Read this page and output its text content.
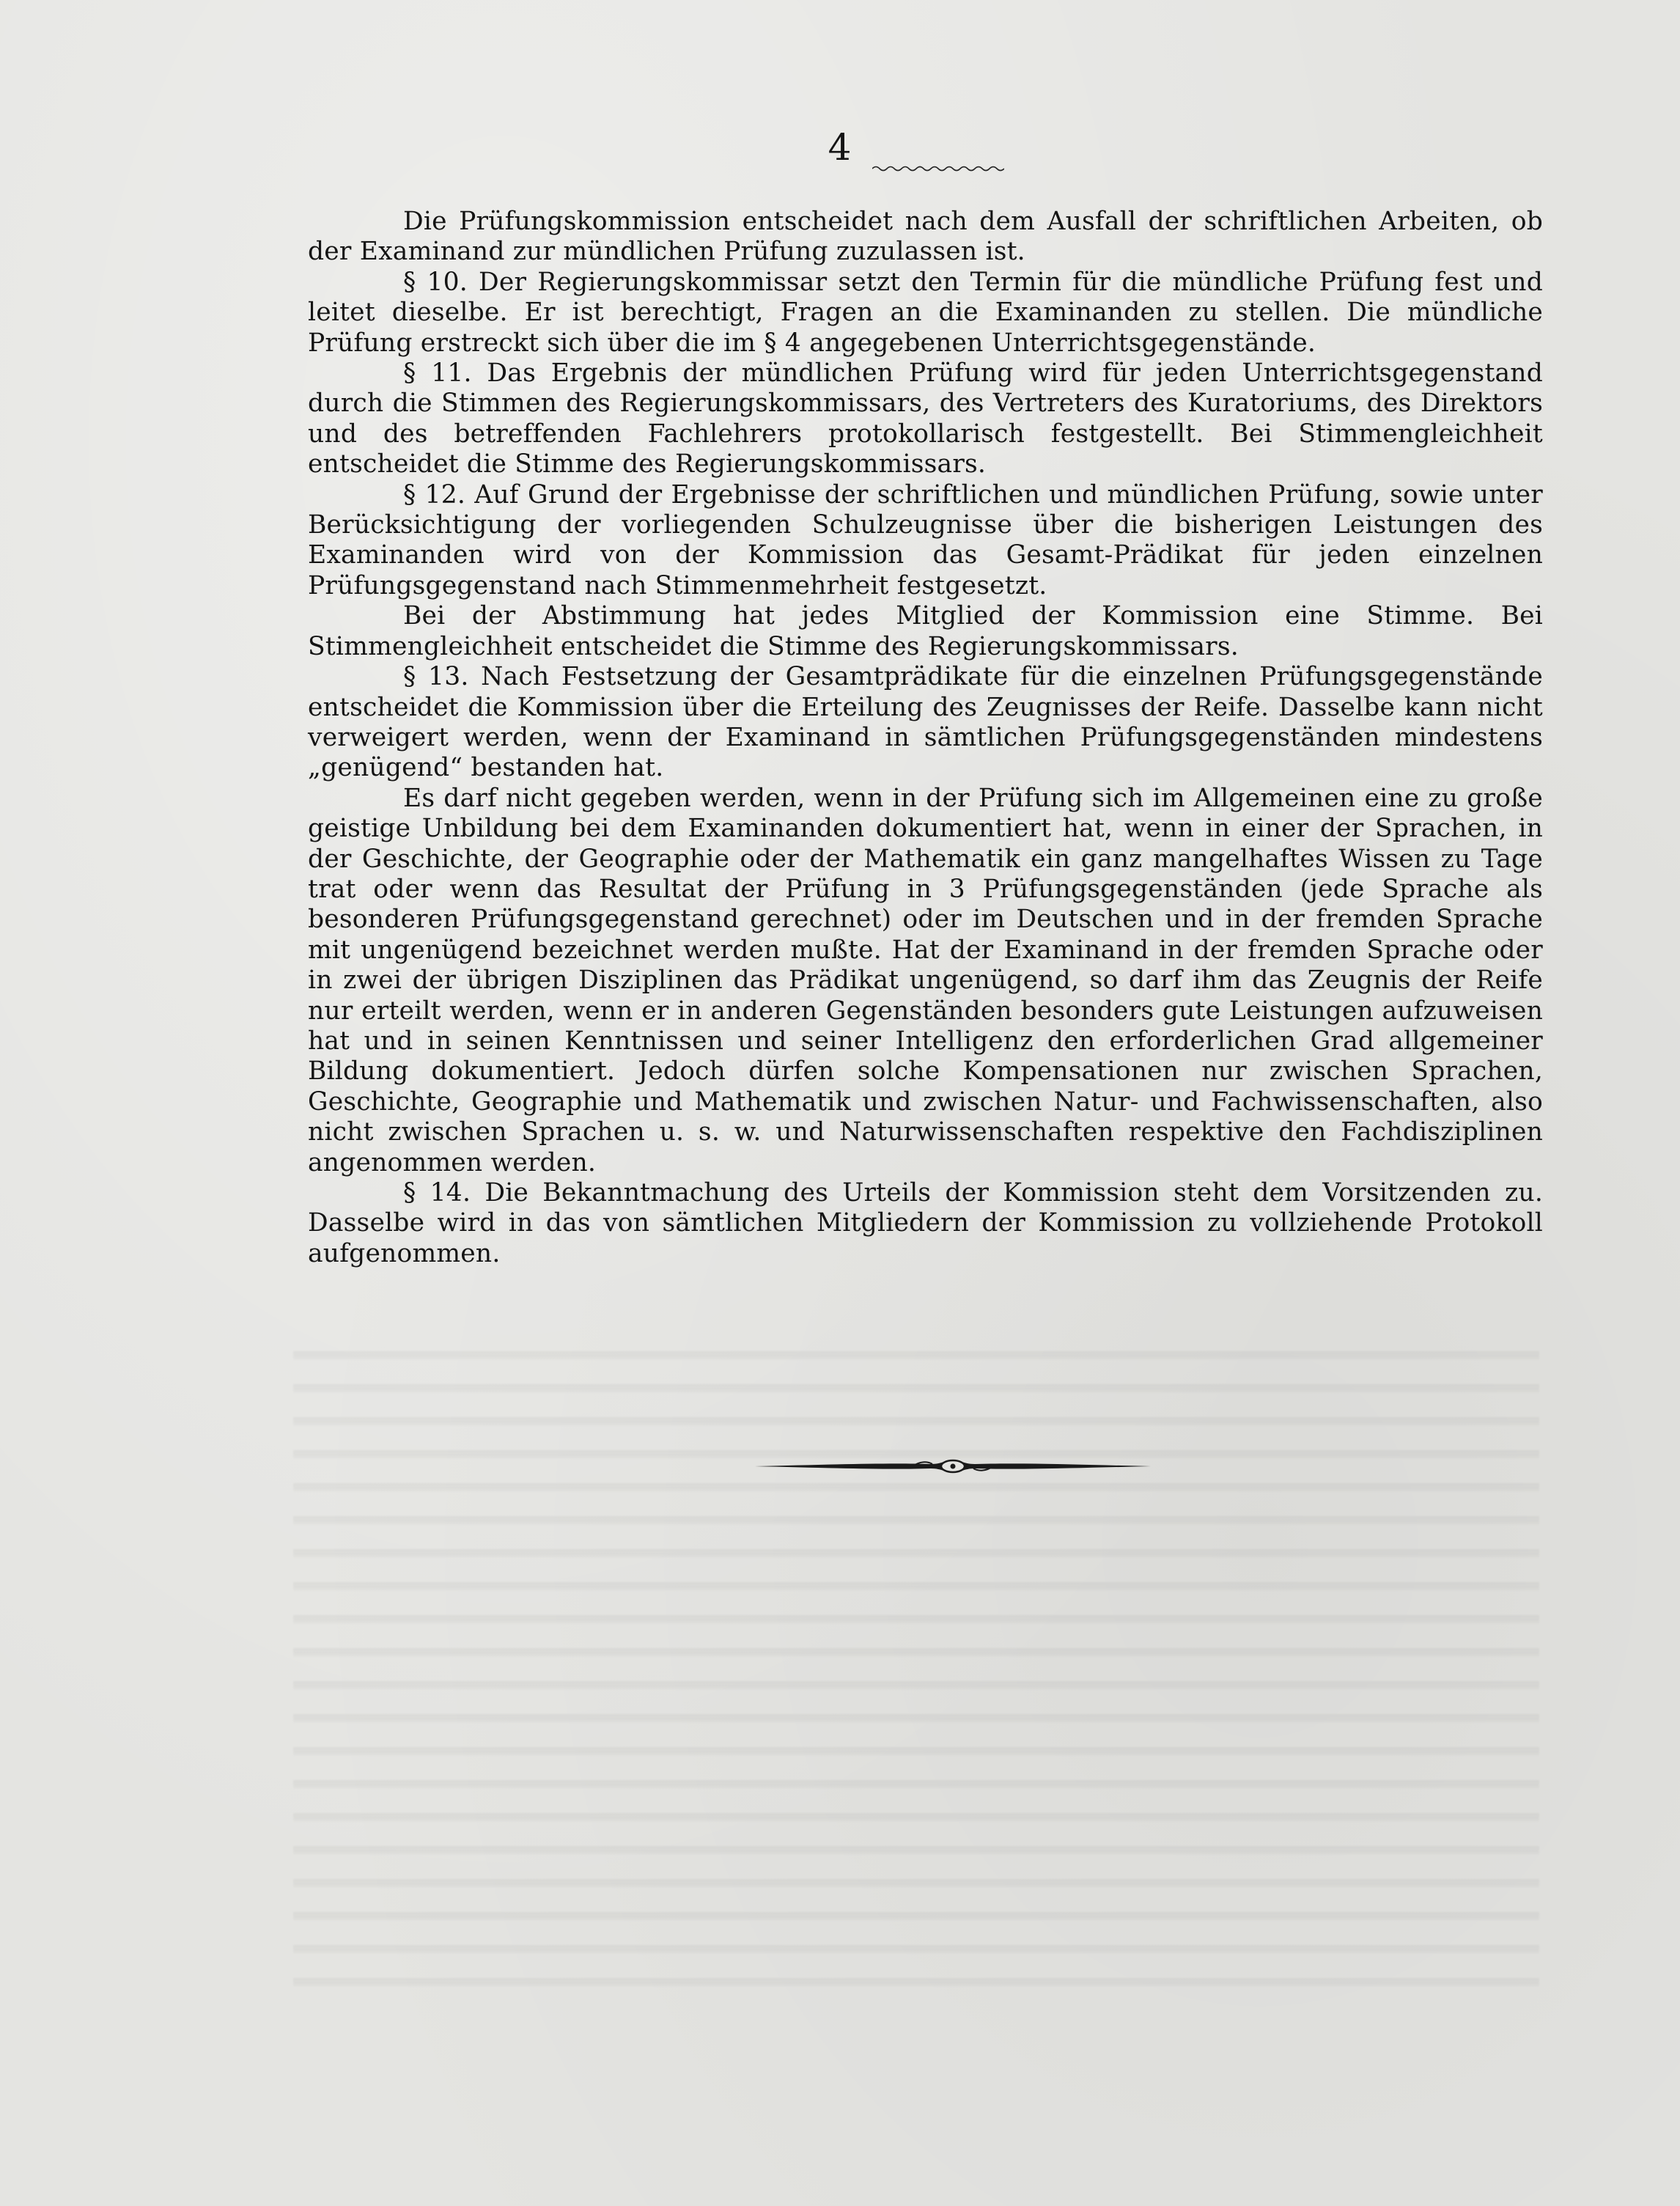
4

Die Prüfungskommission entscheidet nach dem Ausfall der schriftlichen Arbeiten, ob der Examinand zur mündlichen Prüfung zuzulassen ist.

§ 10. Der Regierungskommissar setzt den Termin für die mündliche Prüfung fest und leitet dieselbe. Er ist berechtigt, Fragen an die Examinanden zu stellen. Die mündliche Prüfung erstreckt sich über die im § 4 angegebenen Unterrichtsgegenstände.

§ 11. Das Ergebnis der mündlichen Prüfung wird für jeden Unterrichtsgegenstand durch die Stimmen des Regierungskommissars, des Vertreters des Kuratoriums, des Direktors und des betreffenden Fachlehrers protokollarisch festgestellt. Bei Stimmengleichheit entscheidet die Stimme des Regierungskommissars.

§ 12. Auf Grund der Ergebnisse der schriftlichen und mündlichen Prüfung, sowie unter Berücksichtigung der vorliegenden Schulzeugnisse über die bisherigen Leistungen des Examinanden wird von der Kommission das Gesamt-Prädikat für jeden einzelnen Prüfungsgegenstand nach Stimmenmehrheit festgesetzt.

Bei der Abstimmung hat jedes Mitglied der Kommission eine Stimme. Bei Stimmengleichheit entscheidet die Stimme des Regierungskommissars.

§ 13. Nach Festsetzung der Gesamtprädikate für die einzelnen Prüfungsgegenstände entscheidet die Kommission über die Erteilung des Zeugnisses der Reife. Dasselbe kann nicht verweigert werden, wenn der Examinand in sämtlichen Prüfungsgegenständen mindestens „genügend“ bestanden hat.

Es darf nicht gegeben werden, wenn in der Prüfung sich im Allgemeinen eine zu große geistige Unbildung bei dem Examinanden dokumentiert hat, wenn in einer der Sprachen, in der Geschichte, der Geographie oder der Mathematik ein ganz mangelhaftes Wissen zu Tage trat oder wenn das Resultat der Prüfung in 3 Prüfungsgegenständen (jede Sprache als besonderen Prüfungsgegenstand gerechnet) oder im Deutschen und in der fremden Sprache mit ungenügend bezeichnet werden mußte. Hat der Examinand in der fremden Sprache oder in zwei der übrigen Disziplinen das Prädikat ungenügend, so darf ihm das Zeugnis der Reife nur erteilt werden, wenn er in anderen Gegenständen besonders gute Leistungen aufzuweisen hat und in seinen Kenntnissen und seiner Intelligenz den erforderlichen Grad allgemeiner Bildung dokumentiert. Jedoch dürfen solche Kompensationen nur zwischen Sprachen, Geschichte, Geographie und Mathematik und zwischen Natur- und Fachwissenschaften, also nicht zwischen Sprachen u. s. w. und Naturwissenschaften respektive den Fachdisziplinen angenommen werden.

§ 14. Die Bekanntmachung des Urteils der Kommission steht dem Vorsitzenden zu. Dasselbe wird in das von sämtlichen Mitgliedern der Kommission zu vollziehende Protokoll aufgenommen.
